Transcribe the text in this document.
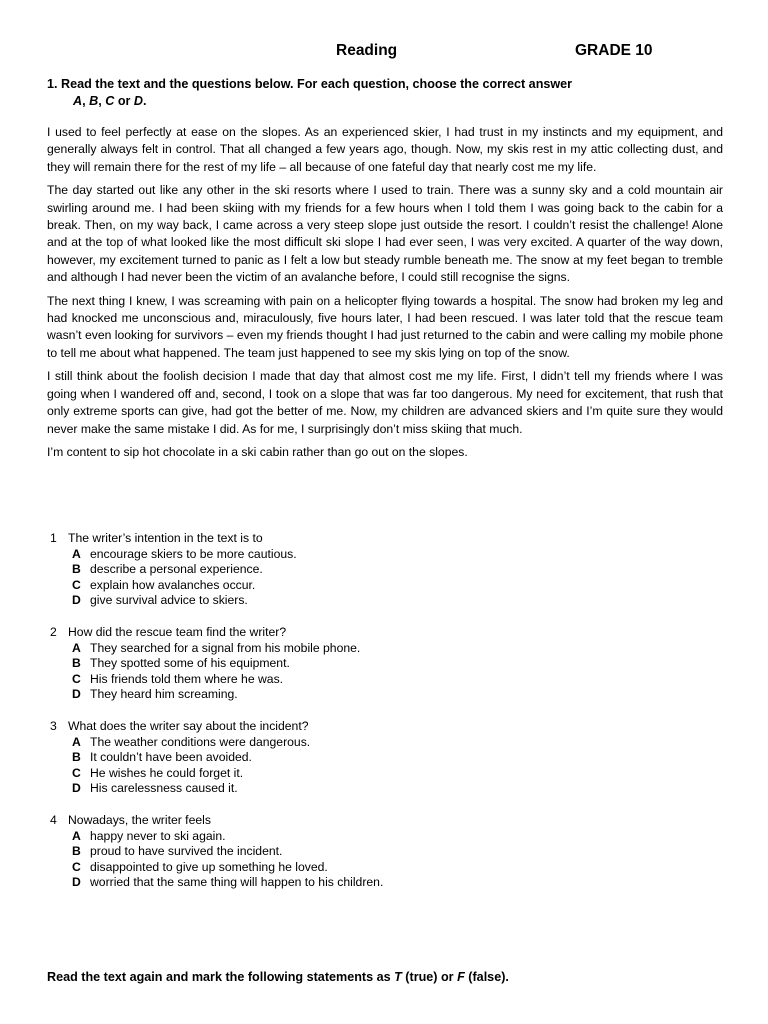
Reading	GRADE 10
1. Read the text and the questions below. For each question, choose the correct answer
A, B, C or D.

I used to feel perfectly at ease on the slopes. As an experienced skier, I had trust in my instincts and my equipment, and generally always felt in control. That all changed a few years ago, though. Now, my skis rest in my attic collecting dust, and they will remain there for the rest of my life – all because of one fateful day that nearly cost me my life.

The day started out like any other in the ski resorts where I used to train. There was a sunny sky and a cold mountain air swirling around me. I had been skiing with my friends for a few hours when I told them I was going back to the cabin for a break. Then, on my way back, I came across a very steep slope just outside the resort. I couldn’t resist the challenge! Alone and at the top of what looked like the most difficult ski slope I had ever seen, I was very excited. A quarter of the way down, however, my excitement turned to panic as I felt a low but steady rumble beneath me. The snow at my feet began to tremble and although I had never been the victim of an avalanche before, I could still recognise the signs.

The next thing I knew, I was screaming with pain on a helicopter flying towards a hospital. The snow had broken my leg and had knocked me unconscious and, miraculously, five hours later, I had been rescued. I was later told that the rescue team wasn’t even looking for survivors – even my friends thought I had just returned to the cabin and were calling my mobile phone to tell me about what happened. The team just happened to see my skis lying on top of the snow.

I still think about the foolish decision I made that day that almost cost me my life. First, I didn’t tell my friends where I was going when I wandered off and, second, I took on a slope that was far too dangerous. My need for excitement, that rush that only extreme sports can give, had got the better of me. Now, my children are advanced skiers and I’m quite sure they would never make the same mistake I did. As for me, I surprisingly don’t miss skiing that much.

I’m content to sip hot chocolate in a ski cabin rather than go out on the slopes.

1 The writer’s intention in the text is to
A encourage skiers to be more cautious.
B describe a personal experience.
C explain how avalanches occur.
D give survival advice to skiers.
2 How did the rescue team find the writer?
A They searched for a signal from his mobile phone.
B They spotted some of his equipment.
C His friends told them where he was.
D They heard him screaming.
3 What does the writer say about the incident?
A The weather conditions were dangerous.
B It couldn’t have been avoided.
C He wishes he could forget it.
D His carelessness caused it.
4 Nowadays, the writer feels
A happy never to ski again.
B proud to have survived the incident.
C disappointed to give up something he loved.
D worried that the same thing will happen to his children.
Read the text again and mark the following statements as T (true) or F (false).
